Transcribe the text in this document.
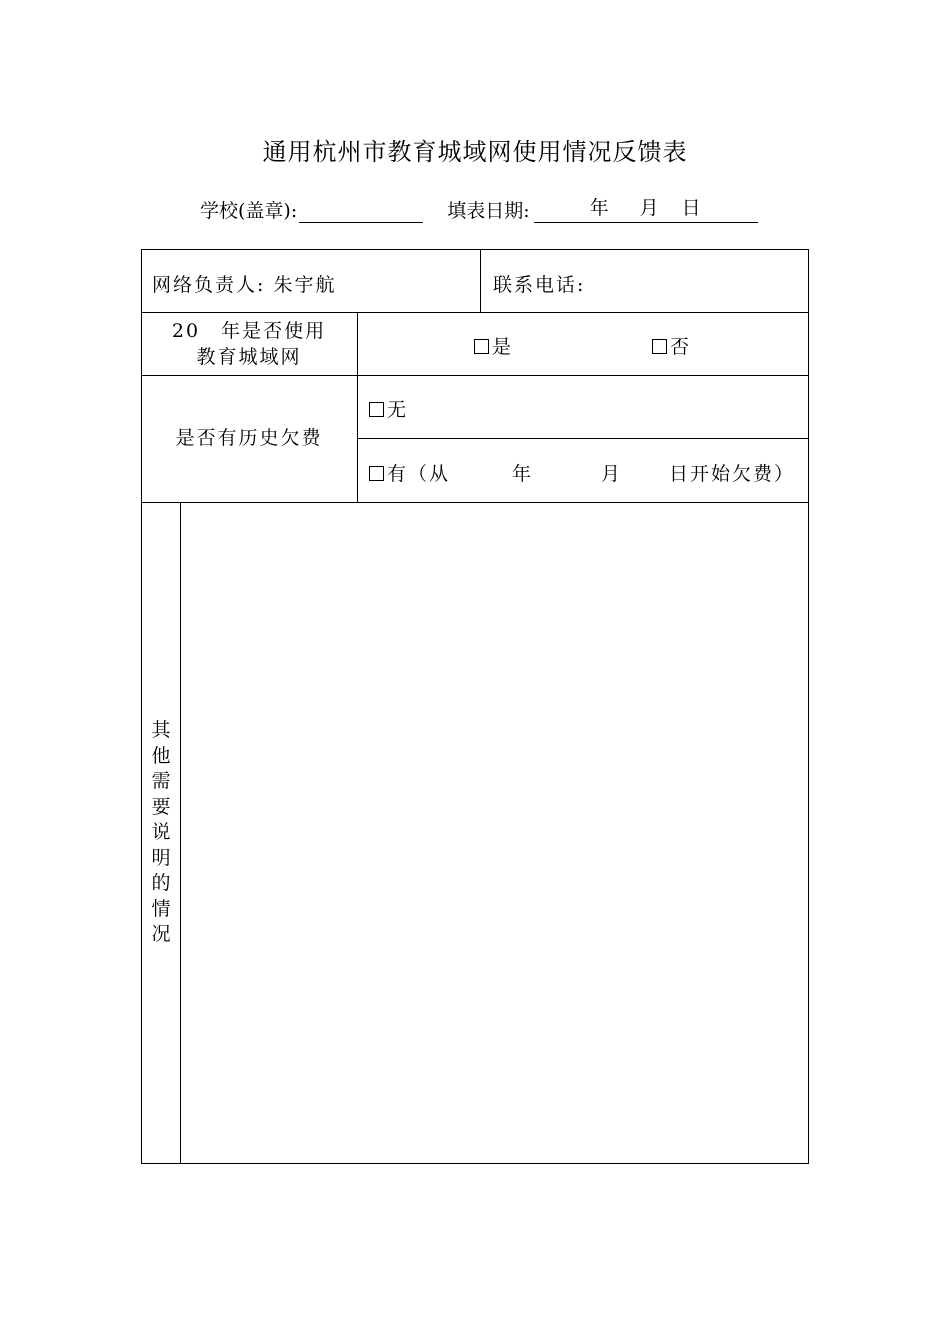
通用杭州市教育城域网使用情况反馈表
学校(盖章):	填表日期:	年 月 日
网络负责人: 朱宇航	联系电话:
20　年是否使用
教育城域网	是	否
是否有历史欠费
无
有（从	年	月 日开始欠费）
其
他
需
要
说
明
的
情
况
